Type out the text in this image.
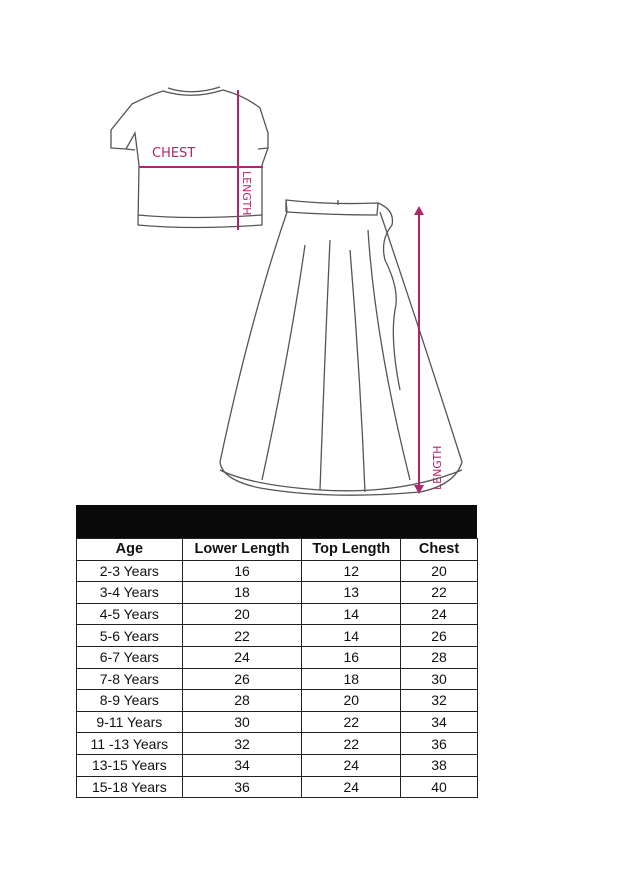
CHEST
LENGTH
LENGTH
Age	Lower Length	Top Length	Chest
2-3 Years	16	12	20
3-4 Years	18	13	22
4-5 Years	20	14	24
5-6 Years	22	14	26
6-7 Years	24	16	28
7-8 Years	26	18	30
8-9 Years	28	20	32
9-11 Years	30	22	34
11 -13 Years	32	22	36
13-15 Years	34	24	38
15-18 Years	36	24	40
